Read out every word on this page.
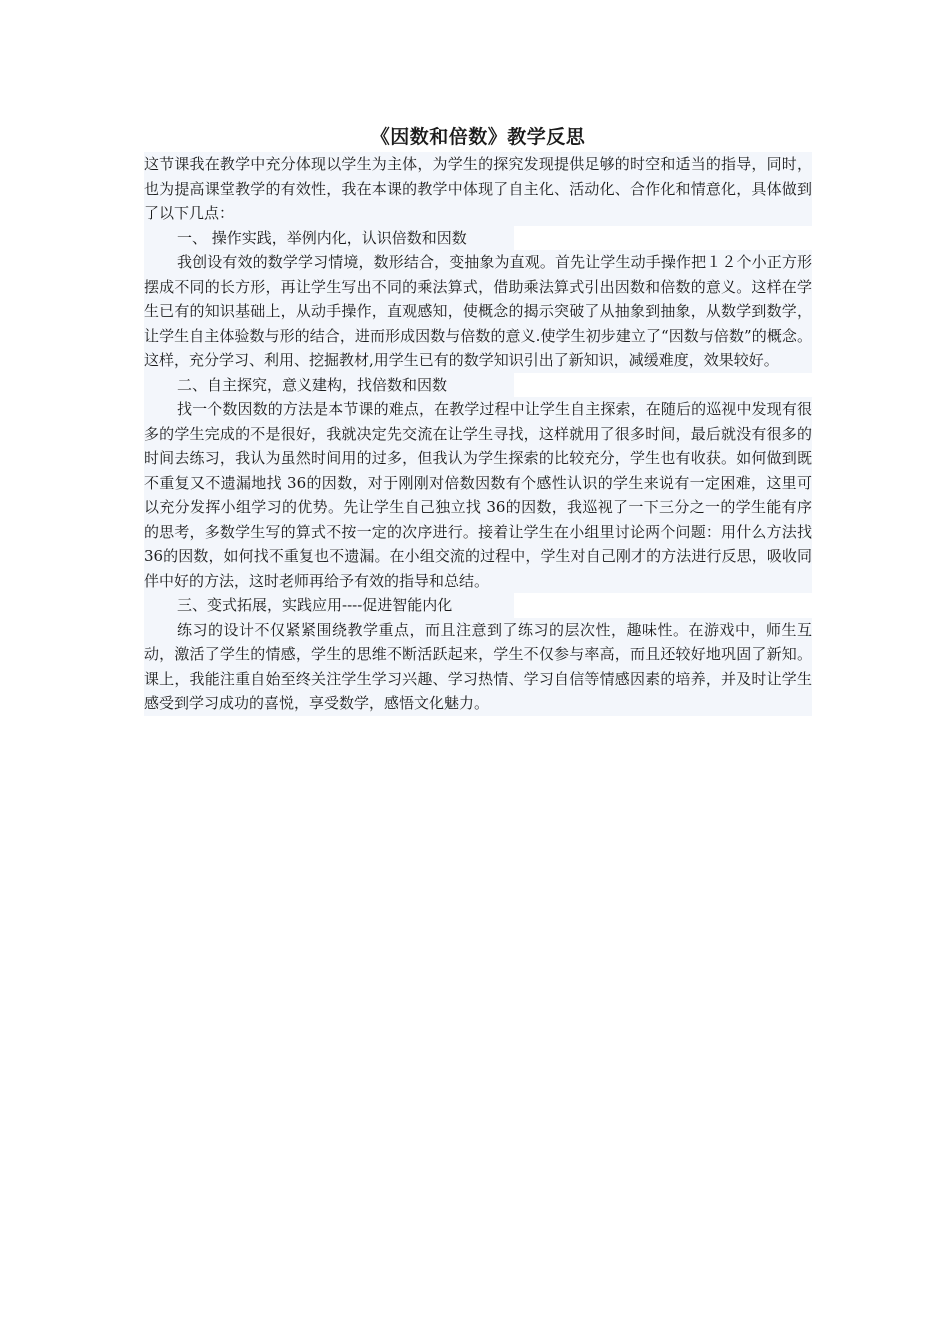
《因数和倍数》教学反思

这节课我在教学中充分体现以学生为主体，为学生的探究发现提供足够的时空和适当的指导，同时，也为提高课堂教学的有效性，我在本课的教学中体现了自主化、活动化、合作化和情意化，具体做到了以下几点：

一、 操作实践，举例内化，认识倍数和因数

我创设有效的数学学习情境，数形结合，变抽象为直观。首先让学生动手操作把１２个小正方形摆成不同的长方形，再让学生写出不同的乘法算式，借助乘法算式引出因数和倍数的意义。这样在学生已有的知识基础上，从动手操作，直观感知，使概念的揭示突破了从抽象到抽象，从数学到数学，让学生自主体验数与形的结合，进而形成因数与倍数的意义.使学生初步建立了“因数与倍数”的概念。 这样，充分学习、利用、挖掘教材,用学生已有的数学知识引出了新知识，减缓难度，效果较好。

二、自主探究，意义建构，找倍数和因数

找一个数因数的方法是本节课的难点，在教学过程中让学生自主探索，在随后的巡视中发现有很多的学生完成的不是很好，我就决定先交流在让学生寻找，这样就用了很多时间，最后就没有很多的时间去练习，我认为虽然时间用的过多，但我认为学生探索的比较充分，学生也有收获。如何做到既不重复又不遗漏地找 36的因数，对于刚刚对倍数因数有个感性认识的学生来说有一定困难，这里可以充分发挥小组学习的优势。先让学生自己独立找 36的因数，我巡视了一下三分之一的学生能有序的思考，多数学生写的算式不按一定的次序进行。接着让学生在小组里讨论两个问题：用什么方法找36的因数，如何找不重复也不遗漏。在小组交流的过程中，学生对自己刚才的方法进行反思，吸收同伴中好的方法，这时老师再给予有效的指导和总结。

三、变式拓展，实践应用----促进智能内化

练习的设计不仅紧紧围绕教学重点，而且注意到了练习的层次性，趣味性。在游戏中，师生互动，激活了学生的情感，学生的思维不断活跃起来，学生不仅参与率高，而且还较好地巩固了新知。课上，我能注重自始至终关注学生学习兴趣、学习热情、学习自信等情感因素的培养，并及时让学生感受到学习成功的喜悦，享受数学，感悟文化魅力。
